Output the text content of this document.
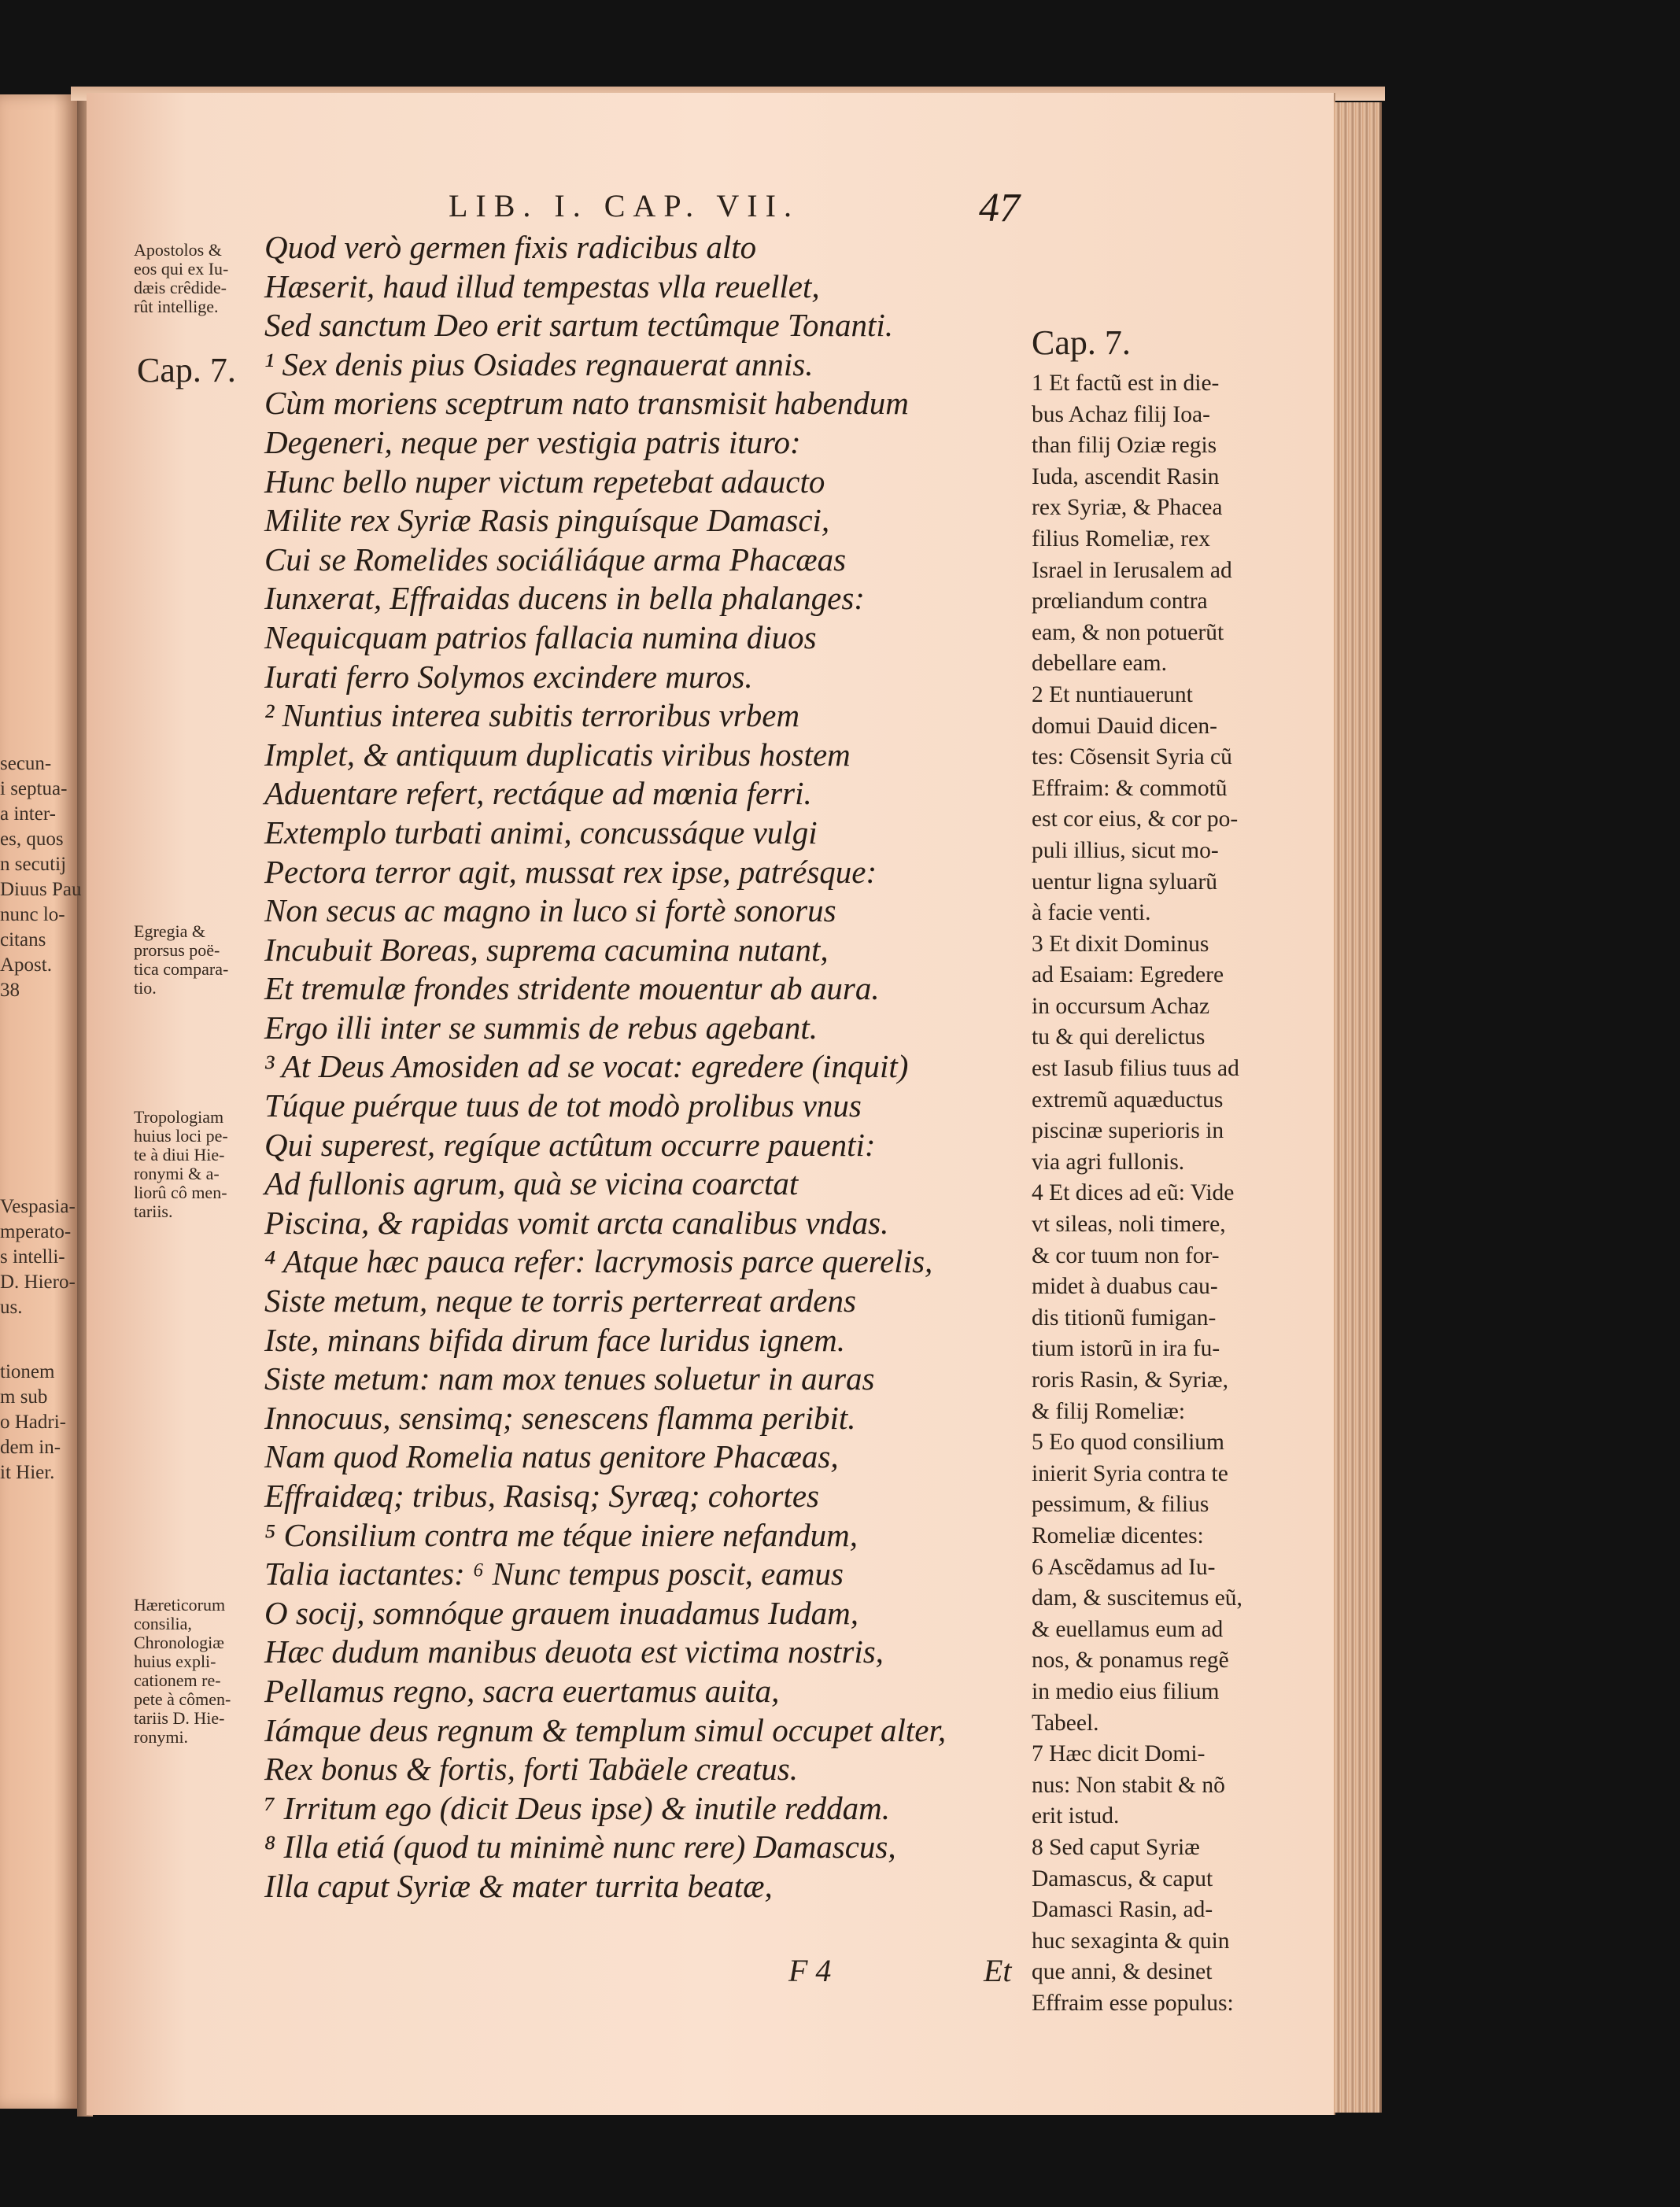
secun-
i septua-
a inter-
es, quos
n secutij
Diuus Pau
nunc lo-
citans
Apost.
38
Vespasia-
mperato-
s intelli-
D. Hiero-
us.
tionem
m sub
o Hadri-
dem in-
it Hier.
LIB. I. CAP. VII.	47
Apostolos &
eos qui ex Iu-
dæis crêdide-
rût intellige.
Egregia &
prorsus poë-
tica compara-
tio.
Tropologiam
huius loci pe-
te à diui Hie-
ronymi & a-
liorû cô men-
tariis.
Hæreticorum
consilia,
Chronologiæ
huius expli-
cationem re-
pete à cômen-
tariis D. Hie-
ronymi.
Cap. 7.
Quod verò germen fixis radicibus alto
Hæserit, haud illud tempestas vlla reuellet,
Sed sanctum Deo erit sartum tectûmque Tonanti.
¹ Sex denis pius Osiades regnauerat annis.
Cùm moriens sceptrum nato transmisit habendum
Degeneri, neque per vestigia patris ituro:
Hunc bello nuper victum repetebat adaucto
Milite rex Syriæ Rasis pinguísque Damasci,
Cui se Romelides sociáliáque arma Phacæas
Iunxerat, Effraidas ducens in bella phalanges:
Nequicquam patrios fallacia numina diuos
Iurati ferro Solymos excindere muros.
² Nuntius interea subitis terroribus vrbem
Implet, & antiquum duplicatis viribus hostem
Aduentare refert, rectáque ad mœnia ferri.
Extemplo turbati animi, concussáque vulgi
Pectora terror agit, mussat rex ipse, patrésque:
Non secus ac magno in luco si fortè sonorus
Incubuit Boreas, suprema cacumina nutant,
Et tremulæ frondes stridente mouentur ab aura.
Ergo illi inter se summis de rebus agebant.
³ At Deus Amosiden ad se vocat: egredere (inquit)
Túque puérque tuus de tot modò prolibus vnus
Qui superest, regíque actûtum occurre pauenti:
Ad fullonis agrum, quà se vicina coarctat
Piscina, & rapidas vomit arcta canalibus vndas.
⁴ Atque hæc pauca refer: lacrymosis parce querelis,
Siste metum, neque te torris perterreat ardens
Iste, minans bifida dirum face luridus ignem.
Siste metum: nam mox tenues soluetur in auras
Innocuus, sensimq; senescens flamma peribit.
Nam quod Romelia natus genitore Phacæas,
Effraidæq; tribus, Rasisq; Syræq; cohortes
⁵ Consilium contra me téque iniere nefandum,
Talia iactantes: ⁶ Nunc tempus poscit, eamus
O socij, somnóque grauem inuadamus Iudam,
Hæc dudum manibus deuota est victima nostris,
Pellamus regno, sacra euertamus auita,
Iámque deus regnum & templum simul occupet alter,
Rex bonus & fortis, forti Tabäele creatus.
⁷ Irritum ego (dicit Deus ipse) & inutile reddam.
⁸ Illa etiá (quod tu minimè nunc rere) Damascus,
Illa caput Syriæ & mater turrita beatæ,
Cap. 7.
1 Et factũ est in die-
bus Achaz filij Ioa-
than filij Oziæ regis
Iuda, ascendit Rasin
rex Syriæ, & Phacea
filius Romeliæ, rex
Israel in Ierusalem ad
prœliandum contra
eam, & non potuerũt
debellare eam.
2 Et nuntiauerunt
domui Dauid dicen-
tes: Cõsensit Syria cũ
Effraim: & commotũ
est cor eius, & cor po-
puli illius, sicut mo-
uentur ligna syluarũ
à facie venti.
3 Et dixit Dominus
ad Esaiam: Egredere
in occursum Achaz
tu & qui derelictus
est Iasub filius tuus ad
extremũ aquæductus
piscinæ superioris in
via agri fullonis.
4 Et dices ad eũ: Vide
vt sileas, noli timere,
& cor tuum non for-
midet à duabus cau-
dis titionũ fumigan-
tium istorũ in ira fu-
roris Rasin, & Syriæ,
& filij Romeliæ:
5 Eo quod consilium
inierit Syria contra te
pessimum, & filius
Romeliæ dicentes:
6 Ascẽdamus ad Iu-
dam, & suscitemus eũ,
& euellamus eum ad
nos, & ponamus regẽ
in medio eius filium
Tabeel.
7 Hæc dicit Domi-
nus: Non stabit & nõ
erit istud.
8 Sed caput Syriæ
Damascus, & caput
Damasci Rasin, ad-
huc sexaginta & quin
que anni, & desinet
Effraim esse populus:
F 4	Et
